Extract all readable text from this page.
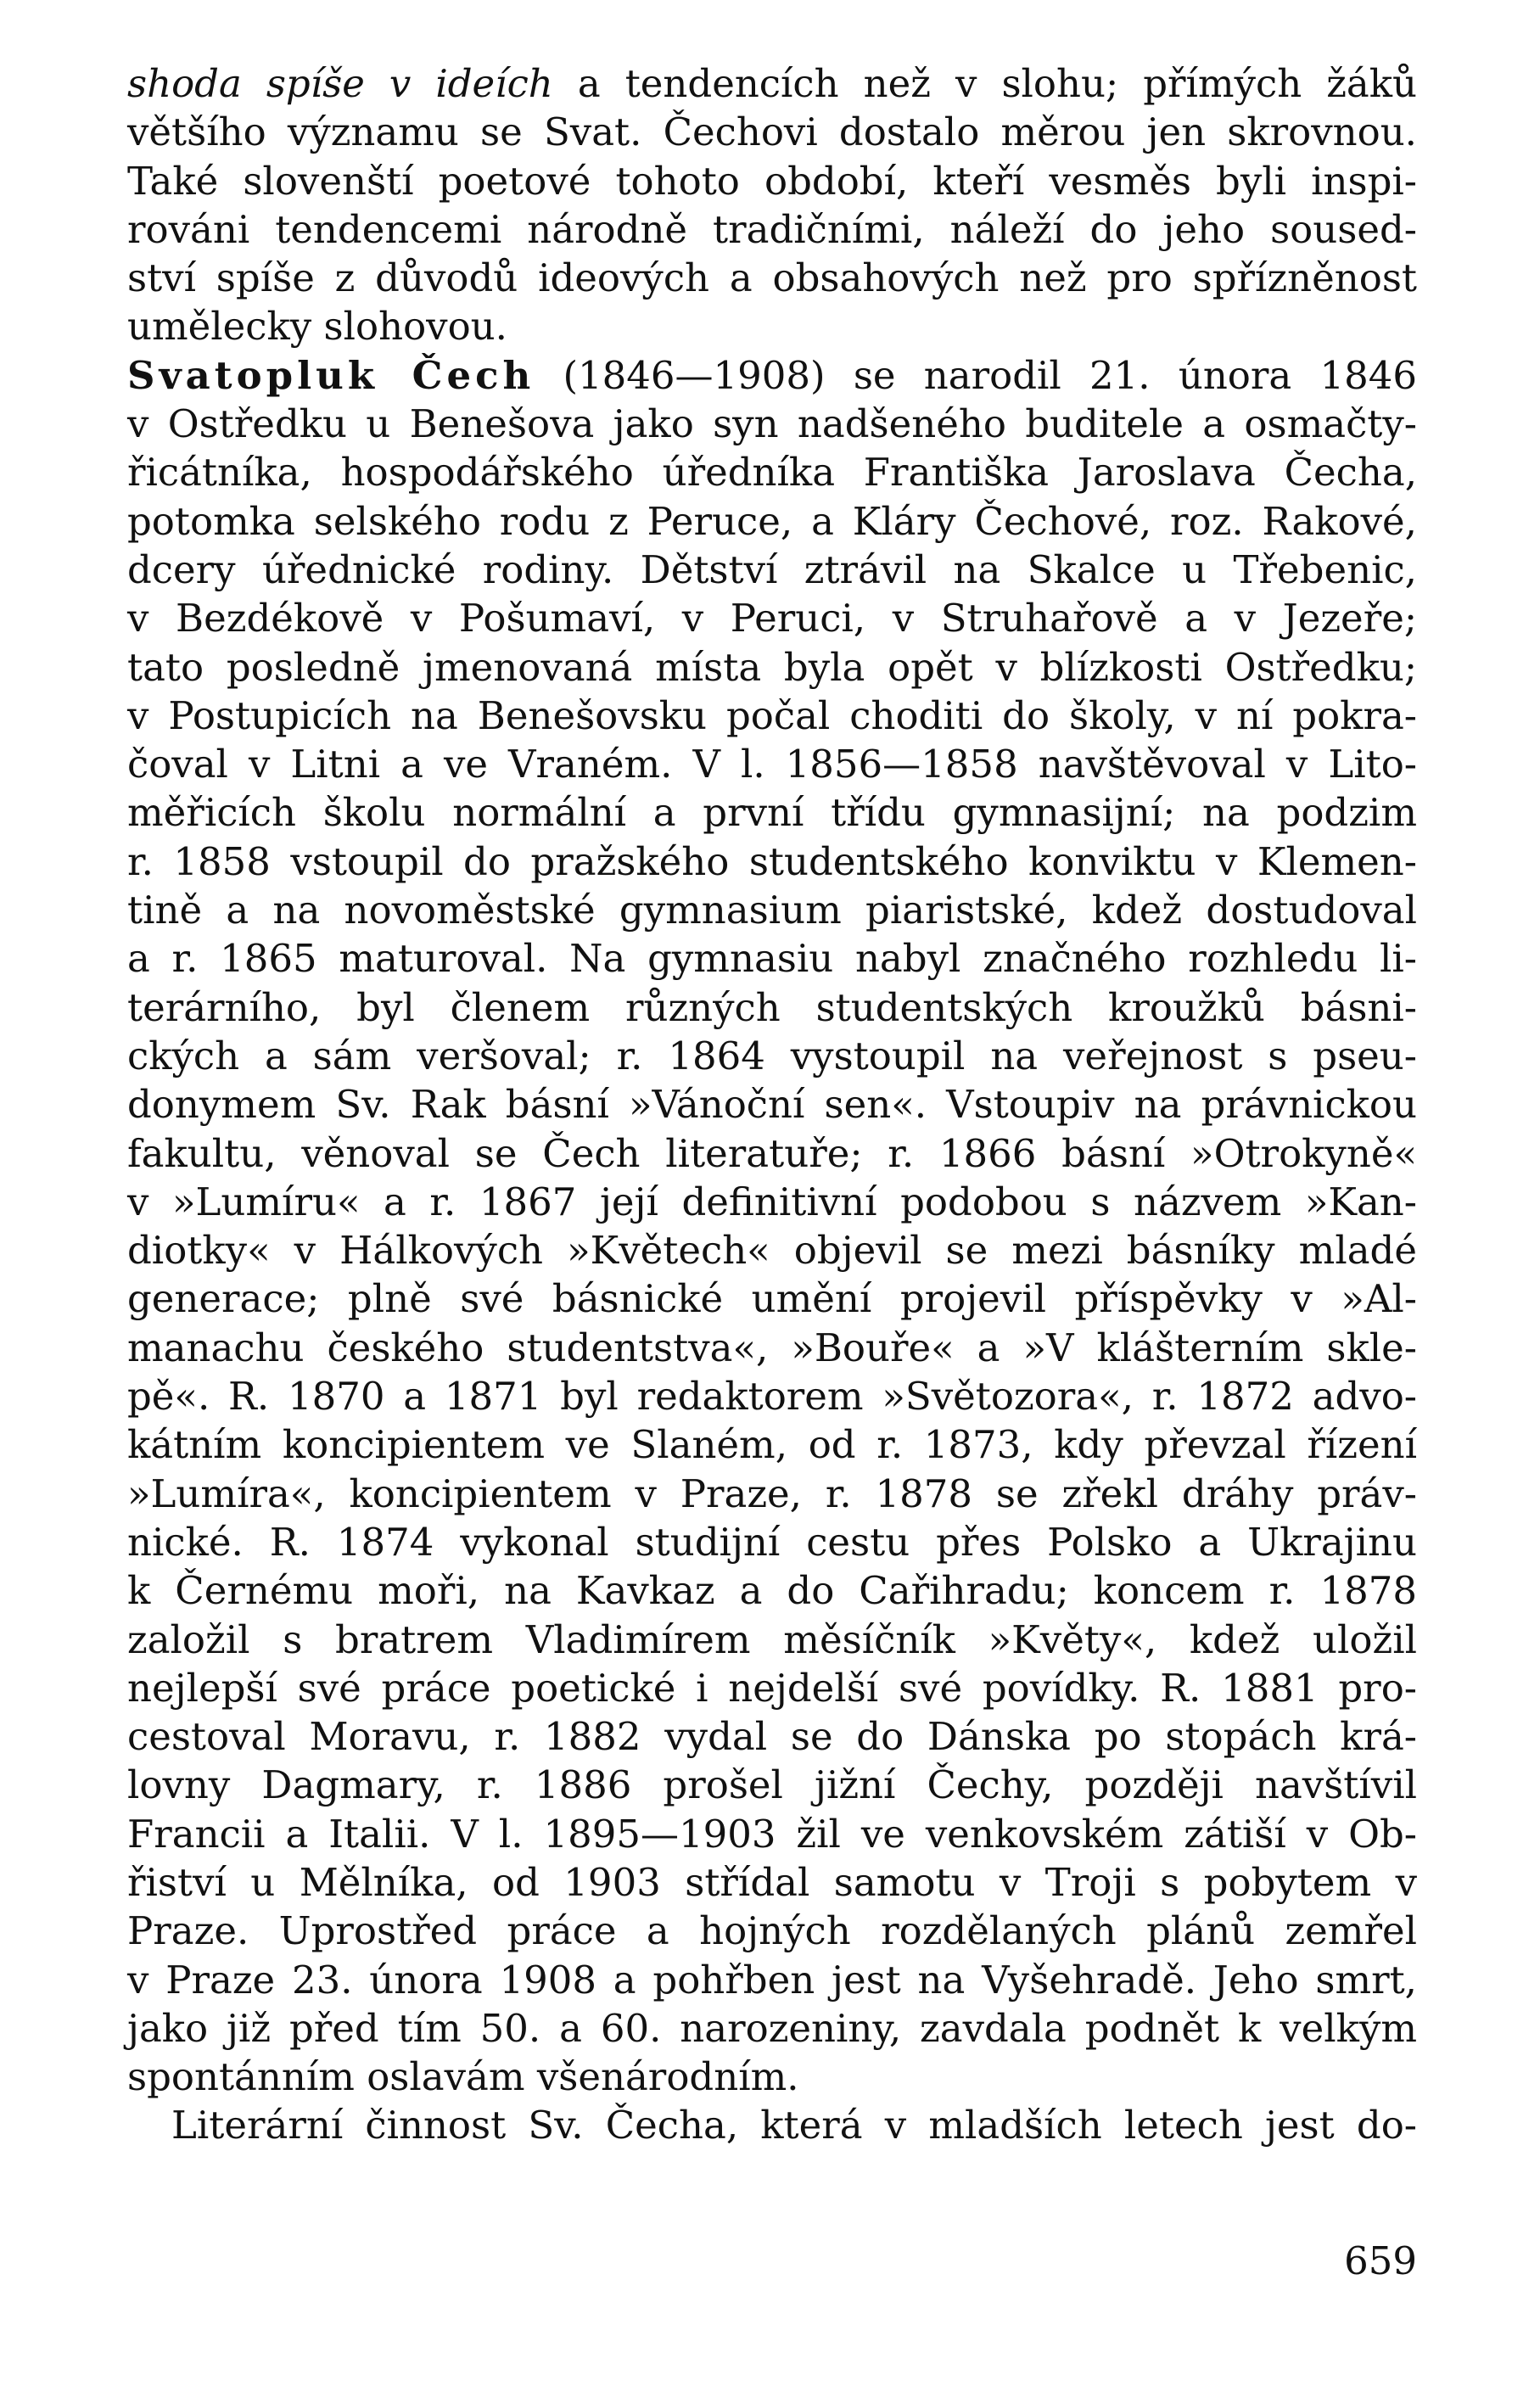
shoda spíše v ideích a tendencích než v slohu; přímých žáků
většího významu se Svat. Čechovi dostalo měrou jen skrovnou.
Také slovenští poetové tohoto období, kteří vesměs byli inspi-
rováni tendencemi národně tradičními, náleží do jeho soused-
ství spíše z důvodů ideových a obsahových než pro spřízněnost
umělecky slohovou.
Svatopluk Čech (1846—1908) se narodil 21. února 1846
v Ostředku u Benešova jako syn nadšeného buditele a osmačty-
řicátníka, hospodářského úředníka Františka Jaroslava Čecha,
potomka selského rodu z Peruce, a Kláry Čechové, roz. Rakové,
dcery úřednické rodiny. Dětství ztrávil na Skalce u Třebenic,
v Bezdékově v Pošumaví, v Peruci, v Struhařově a v Jezeře;
tato posledně jmenovaná místa byla opět v blízkosti Ostředku;
v Postupicích na Benešovsku počal choditi do školy, v ní pokra-
čoval v Litni a ve Vraném. V l. 1856—1858 navštěvoval v Lito-
měřicích školu normální a první třídu gymnasijní; na podzim
r. 1858 vstoupil do pražského studentského konviktu v Klemen-
tině a na novoměstské gymnasium piaristské, kdež dostudoval
a r. 1865 maturoval. Na gymnasiu nabyl značného rozhledu li-
terárního, byl členem různých studentských kroužků básni-
ckých a sám veršoval; r. 1864 vystoupil na veřejnost s pseu-
donymem Sv. Rak básní »Vánoční sen«. Vstoupiv na právnickou
fakultu, věnoval se Čech literatuře; r. 1866 básní »Otrokyně«
v »Lumíru« a r. 1867 její definitivní podobou s názvem »Kan-
diotky« v Hálkových »Květech« objevil se mezi básníky mladé
generace; plně své básnické umění projevil příspěvky v »Al-
manachu českého studentstva«, »Bouře« a »V klášterním sklе-
pě«. R. 1870 a 1871 byl redaktorem »Světozora«, r. 1872 advo-
kátním koncipientem ve Slaném, od r. 1873, kdy převzal řízení
»Lumíra«, koncipientem v Praze, r. 1878 se zřekl dráhy práv-
nické. R. 1874 vykonal studijní cestu přes Polsko a Ukrajinu
k Černému moři, na Kavkaz a do Cařihradu; koncem r. 1878
založil s bratrem Vladimírem měsíčník »Květy«, kdež uložil
nejlepší své práce poetické i nejdelší své povídky. R. 1881 pro-
cestoval Moravu, r. 1882 vydal se do Dánska po stopách krá-
lovny Dagmary, r. 1886 prošel jižní Čechy, později navštívil
Francii a Italii. V l. 1895—1903 žil ve venkovském zátiší v Ob-
řiství u Mělníka, od 1903 střídal samotu v Troji s pobytem v
Praze. Uprostřed práce a hojných rozdělaných plánů zemřel
v Praze 23. února 1908 a pohřben jest na Vyšehradě. Jeho smrt,
jako již před tím 50. a 60. narozeniny, zavdala podnět k velkým
spontánním oslavám všenárodním.
Literární činnost Sv. Čecha, která v mladších letech jest do-
659
